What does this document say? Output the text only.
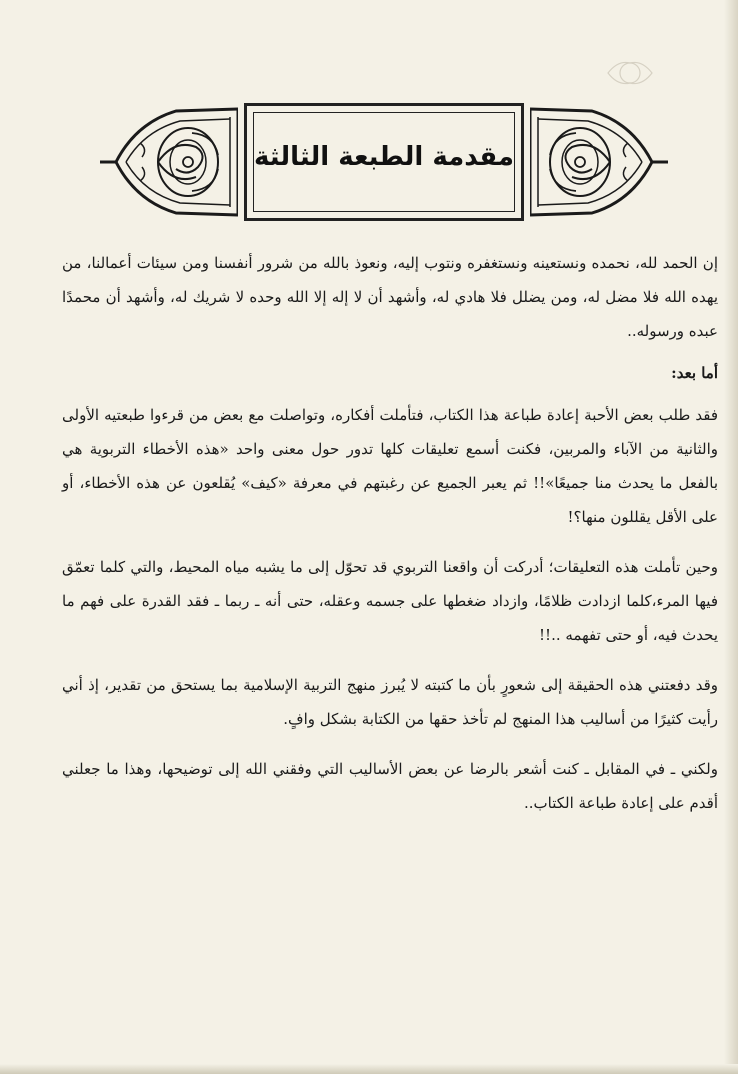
مقدمة الطبعة الثالثة

إن الحمد لله، نحمده ونستعينه ونستغفره ونتوب إليه، ونعوذ بالله من شرور أنفسنا ومن سيئات أعمالنا، من يهده الله فلا مضل له، ومن يضلل فلا هادي له، وأشهد أن لا إله إلا الله وحده لا شريك له، وأشهد أن محمدًا عبده ورسوله..

أما بعد:

فقد طلب بعض الأحبة إعادة طباعة هذا الكتاب، فتأملت أفكاره، وتواصلت مع بعض من قرءوا طبعتيه الأولى والثانية من الآباء والمربين، فكنت أسمع تعليقات كلها تدور حول معنى واحد «هذه الأخطاء التربوية هي بالفعل ما يحدث منا جميعًا»!! ثم يعبر الجميع عن رغبتهم في معرفة «كيف» يُقلعون عن هذه الأخطاء، أو على الأقل يقللون منها؟!

وحين تأملت هذه التعليقات؛ أدركت أن واقعنا التربوي قد تحوّل إلى ما يشبه مياه المحيط، والتي كلما تعمّق فيها المرء،كلما ازدادت ظلامًا، وازداد ضغطها على جسمه وعقله، حتى أنه ـ ربما ـ فقد القدرة على فهم ما يحدث فيه، أو حتى تفهمه ..!!

وقد دفعتني هذه الحقيقة إلى شعورٍ بأن ما كتبته لا يُبرز منهج التربية الإسلامية بما يستحق من تقدير، إذ أني رأيت كثيرًا من أساليب هذا المنهج لم تأخذ حقها من الكتابة بشكل وافٍ.

ولكني ـ في المقابل ـ كنت أشعر بالرضا عن بعض الأساليب التي وفقني الله إلى توضيحها، وهذا ما جعلني أقدم على إعادة طباعة الكتاب..
